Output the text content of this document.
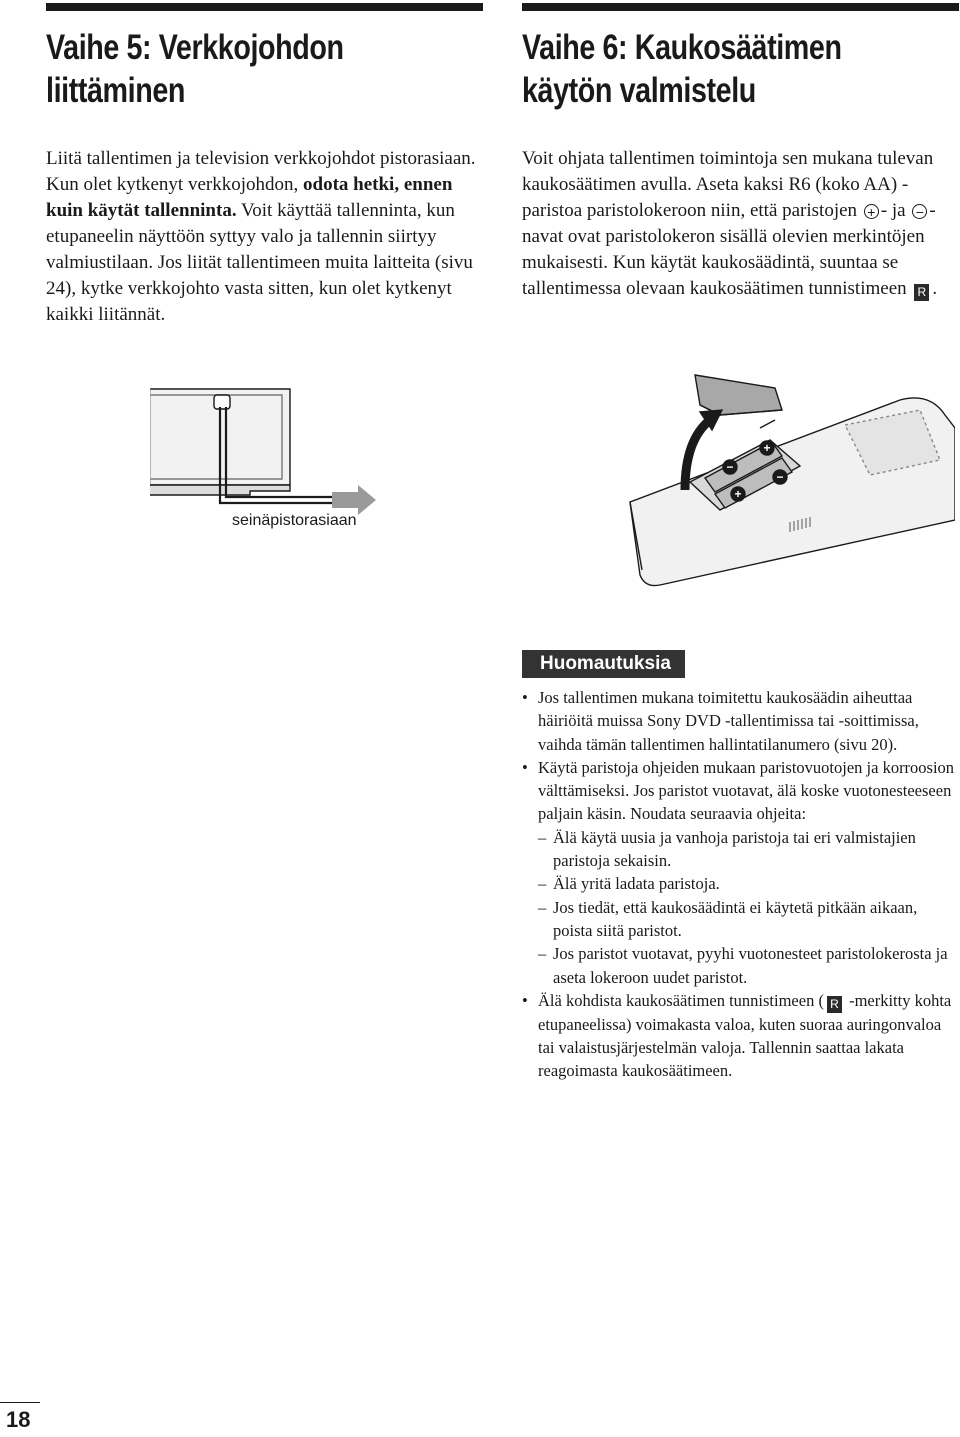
Vaihe 5: Verkkojohdon liittäminen
Liitä tallentimen ja television verkkojohdot pistorasiaan. Kun olet kytkenyt verkkojohdon, odota hetki, ennen kuin käytät tallenninta. Voit käyttää tallenninta, kun etupaneelin näyttöön syttyy valo ja tallennin siirtyy valmiustilaan. Jos liität tallentimeen muita laitteita (sivu 24), kytke verkkojohto vasta sitten, kun olet kytkenyt kaikki liitännät.
seinäpistorasiaan
Vaihe 6: Kaukosäätimen käytön valmistelu
Voit ohjata tallentimen toimintoja sen mukana tulevan kaukosäätimen avulla. Aseta kaksi R6 (koko AA) -paristoa paristolokeroon niin, että paristojen + - ja − -navat ovat paristolokeron sisällä olevien merkintöjen mukaisesti. Kun käytät kaukosäädintä, suuntaa se tallentimessa olevaan kaukosäätimen tunnistimeen R .
−
+
+
−
Huomautuksia
• Jos tallentimen mukana toimitettu kaukosäädin aiheuttaa häiriöitä muissa Sony DVD -tallentimissa tai -soittimissa, vaihda tämän tallentimen hallintatilanumero (sivu 20).
• Käytä paristoja ohjeiden mukaan paristovuotojen ja korroosion välttämiseksi. Jos paristot vuotavat, älä koske vuotonesteeseen paljain käsin. Noudata seuraavia ohjeita:
– Älä käytä uusia ja vanhoja paristoja tai eri valmistajien paristoja sekaisin.
– Älä yritä ladata paristoja.
– Jos tiedät, että kaukosäädintä ei käytetä pitkään aikaan, poista siitä paristot.
– Jos paristot vuotavat, pyyhi vuotonesteet paristolokerosta ja aseta lokeroon uudet paristot.
• Älä kohdista kaukosäätimen tunnistimeen ( R -merkitty kohta etupaneelissa) voimakasta valoa, kuten suoraa auringonvaloa tai valaistusjärjestelmän valoja. Tallennin saattaa lakata reagoimasta kaukosäätimeen.
18
